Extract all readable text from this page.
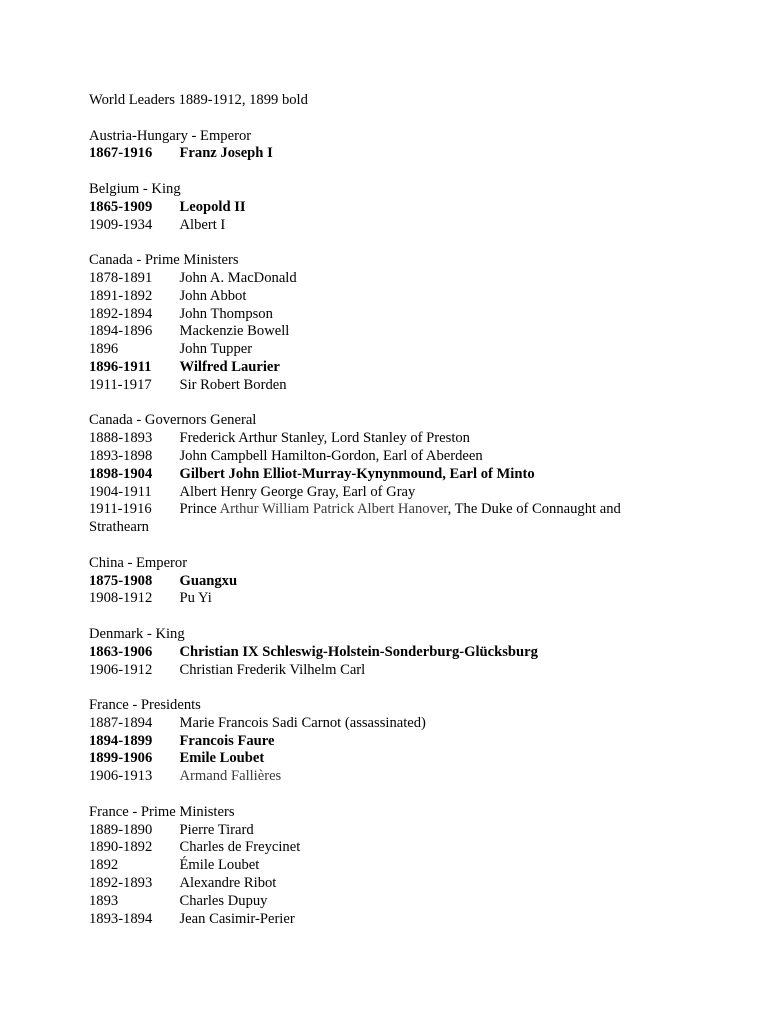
World Leaders 1889-1912, 1899 bold
Austria-Hungary - Emperor
1867-1916 Franz Joseph I
Belgium - King
1865-1909 Leopold II
1909-1934 Albert I
Canada - Prime Ministers
1878-1891 John A. MacDonald
1891-1892 John Abbot
1892-1894 John Thompson
1894-1896 Mackenzie Bowell
1896	John Tupper
1896-1911 Wilfred Laurier
1911-1917 Sir Robert Borden
Canada - Governors General
1888-1893 Frederick Arthur Stanley, Lord Stanley of Preston
1893-1898 John Campbell Hamilton-Gordon, Earl of Aberdeen
1898-1904 Gilbert John Elliot-Murray-Kynynmound, Earl of Minto
1904-1911 Albert Henry George Gray, Earl of Gray
1911-1916 Prince Arthur William Patrick Albert Hanover, The Duke of Connaught and
Strathearn
China - Emperor
1875-1908 Guangxu
1908-1912 Pu Yi
Denmark - King
1863-1906 Christian IX Schleswig-Holstein-Sonderburg-Glücksburg
1906-1912 Christian Frederik Vilhelm Carl
France - Presidents
1887-1894 Marie Francois Sadi Carnot (assassinated)
1894-1899 Francois Faure
1899-1906 Emile Loubet
1906-1913 Armand Fallières
France - Prime Ministers
1889-1890 Pierre Tirard
1890-1892 Charles de Freycinet
1892	Émile Loubet
1892-1893 Alexandre Ribot
1893	Charles Dupuy
1893-1894 Jean Casimir-Perier
